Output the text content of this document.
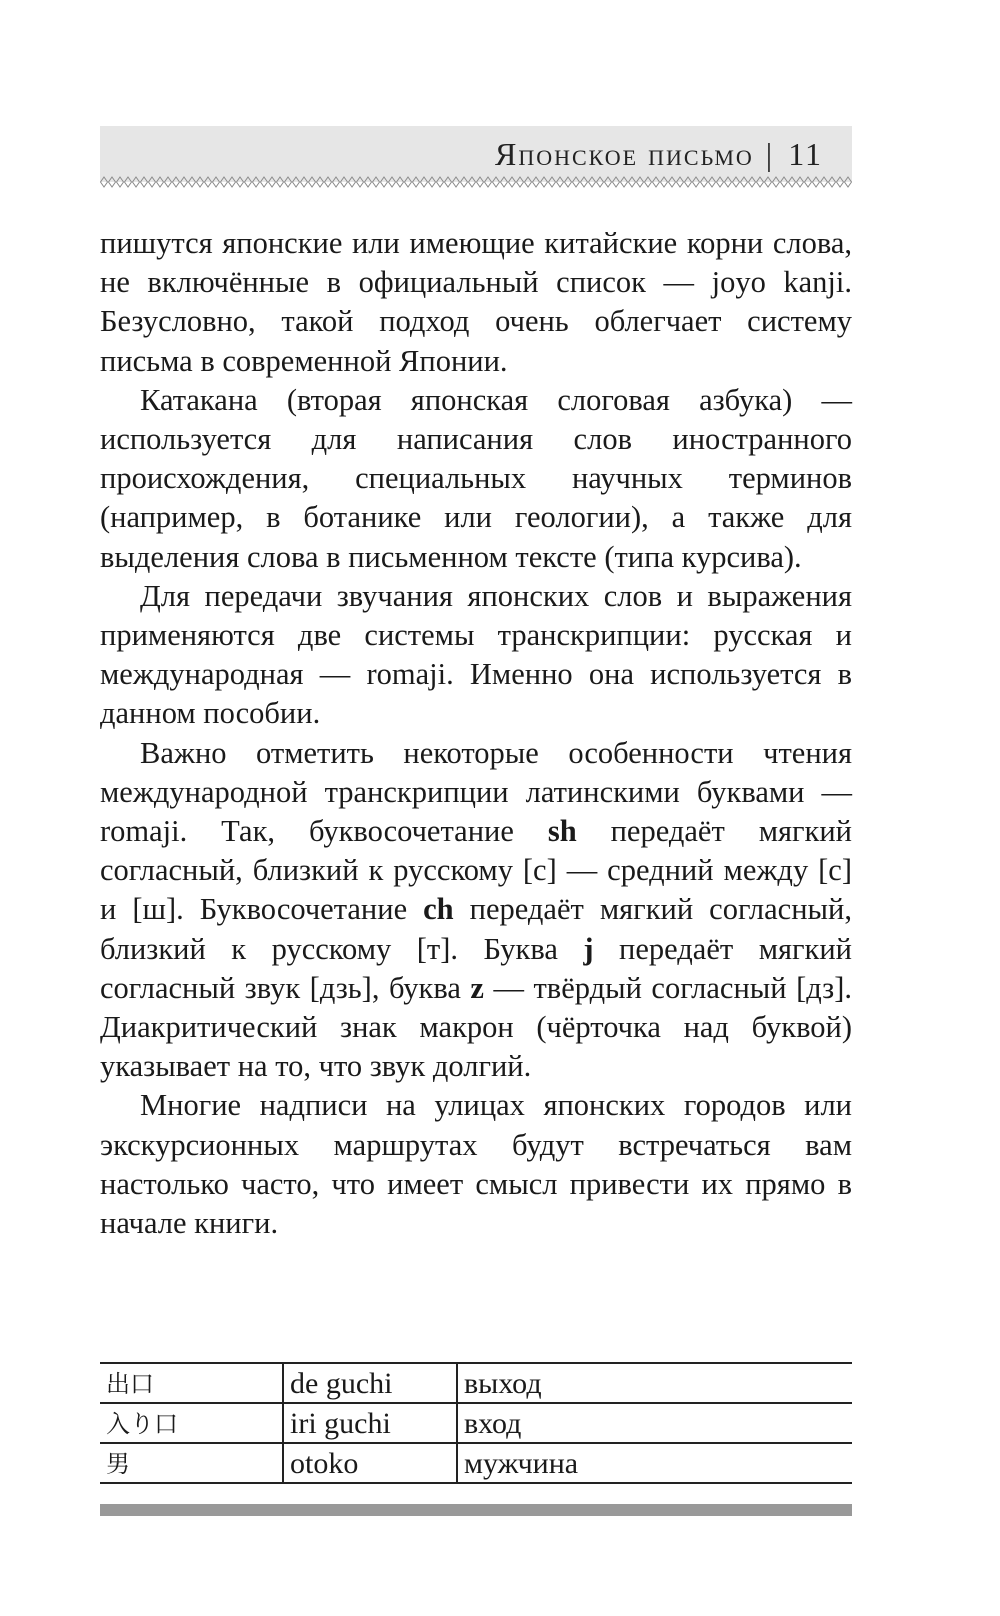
Японское письмо | 11

пишутся японские или имеющие китайские корни слова, не включённые в официальный список — joyo kanji. Безусловно, такой подход очень облегчает систему письма в современной Японии.

Катакана (вторая японская слоговая азбука) — используется для написания слов иностранного происхождения, специальных научных терминов (например, в ботанике или геологии), а также для выделения слова в письменном тексте (типа курсива).

Для передачи звучания японских слов и выражения применяются две системы транскрипции: русская и международная — romaji. Именно она используется в данном пособии.

Важно отметить некоторые особенности чтения международной транскрипции латинскими буквами — romaji. Так, буквосочетание sh передаёт мягкий согласный, близкий к русскому [с] — средний между [с] и [ш]. Буквосочетание ch передаёт мягкий согласный, близкий к русскому [т]. Буква j передаёт мягкий согласный звук [дзь], буква z — твёрдый согласный [дз]. Диакритический знак макрон (чёрточка над буквой) указывает на то, что звук долгий.

Многие надписи на улицах японских городов или экскурсионных маршрутах будут встречаться вам настолько часто, что имеет смысл привести их прямо в начале книги.

出口	de guchi	выход
入り口	iri guchi	вход
男	otoko	мужчина
